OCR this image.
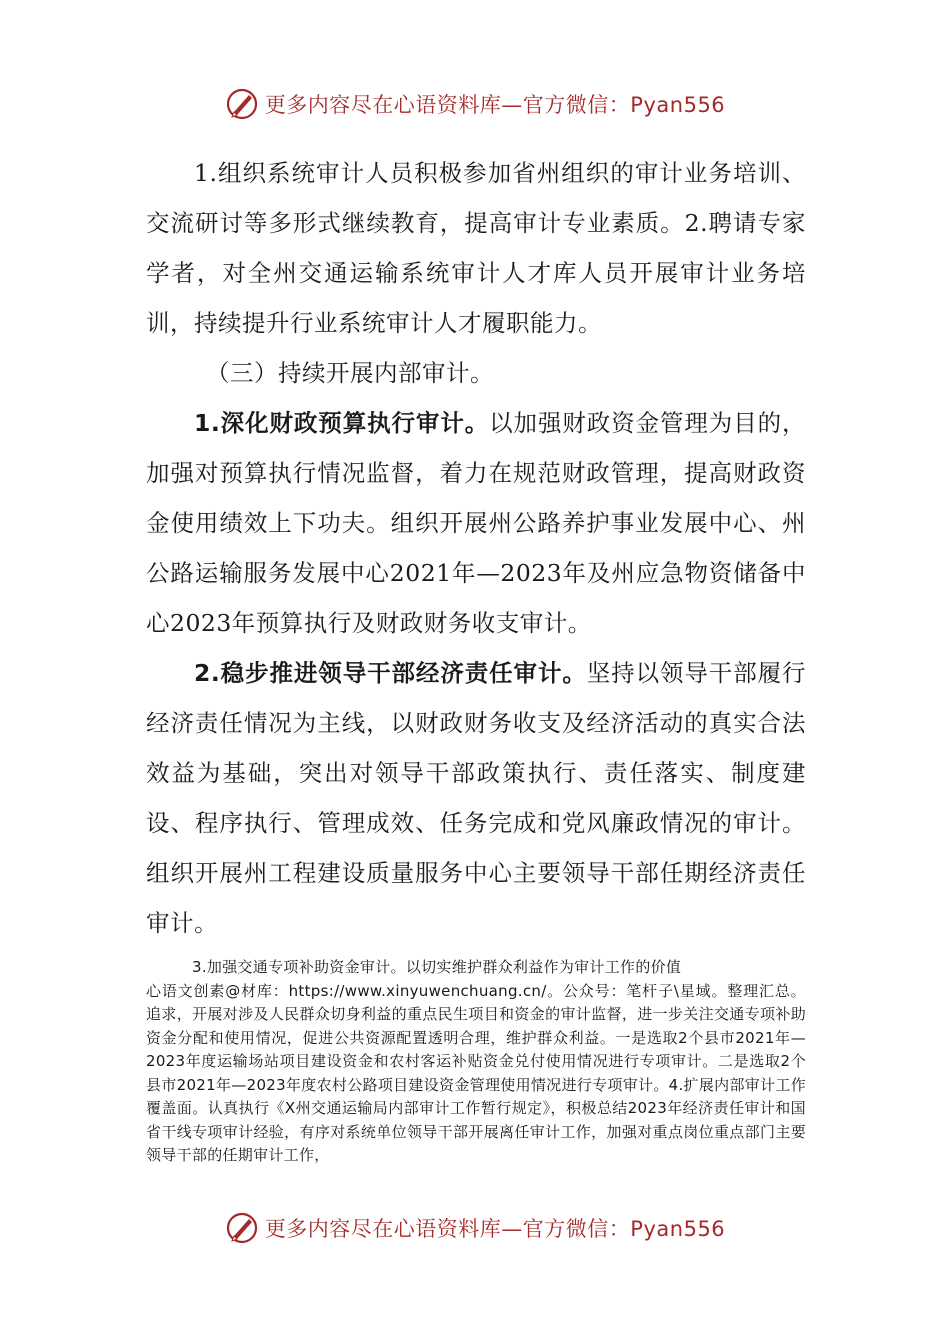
更多内容尽在心语资料库—官方微信：Pyan556

1.组织系统审计人员积极参加省州组织的审计业务培训、交流研讨等多形式继续教育，提高审计专业素质。2.聘请专家学者，对全州交通运输系统审计人才库人员开展审计业务培训，持续提升行业系统审计人才履职能力。

（三）持续开展内部审计。

1.深化财政预算执行审计。以加强财政资金管理为目的，加强对预算执行情况监督，着力在规范财政管理，提高财政资金使用绩效上下功夫。组织开展州公路养护事业发展中心、州公路运输服务发展中心2021年—2023年及州应急物资储备中心2023年预算执行及财政财务收支审计。

2.稳步推进领导干部经济责任审计。坚持以领导干部履行经济责任情况为主线，以财政财务收支及经济活动的真实合法效益为基础，突出对领导干部政策执行、责任落实、制度建设、程序执行、管理成效、任务完成和党风廉政情况的审计。组织开展州工程建设质量服务中心主要领导干部任期经济责任审计。

3.加强交通专项补助资金审计。以切实维护群众利益作为审计工作的价值

心语文创素@材库：https://www.xinyuwenchuang.cn/。公众号：笔杆子\星域。整理汇总。追求，开展对涉及人民群众切身利益的重点民生项目和资金的审计监督，进一步关注交通专项补助资金分配和使用情况，促进公共资源配置透明合理，维护群众利益。一是选取2个县市2021年—2023年度运输场站项目建设资金和农村客运补贴资金兑付使用情况进行专项审计。二是选取2个县市2021年—2023年度农村公路项目建设资金管理使用情况进行专项审计。4.扩展内部审计工作覆盖面。认真执行《X州交通运输局内部审计工作暂行规定》，积极总结2023年经济责任审计和国省干线专项审计经验，有序对系统单位领导干部开展离任审计工作，加强对重点岗位重点部门主要领导干部的任期审计工作，

更多内容尽在心语资料库—官方微信：Pyan556
